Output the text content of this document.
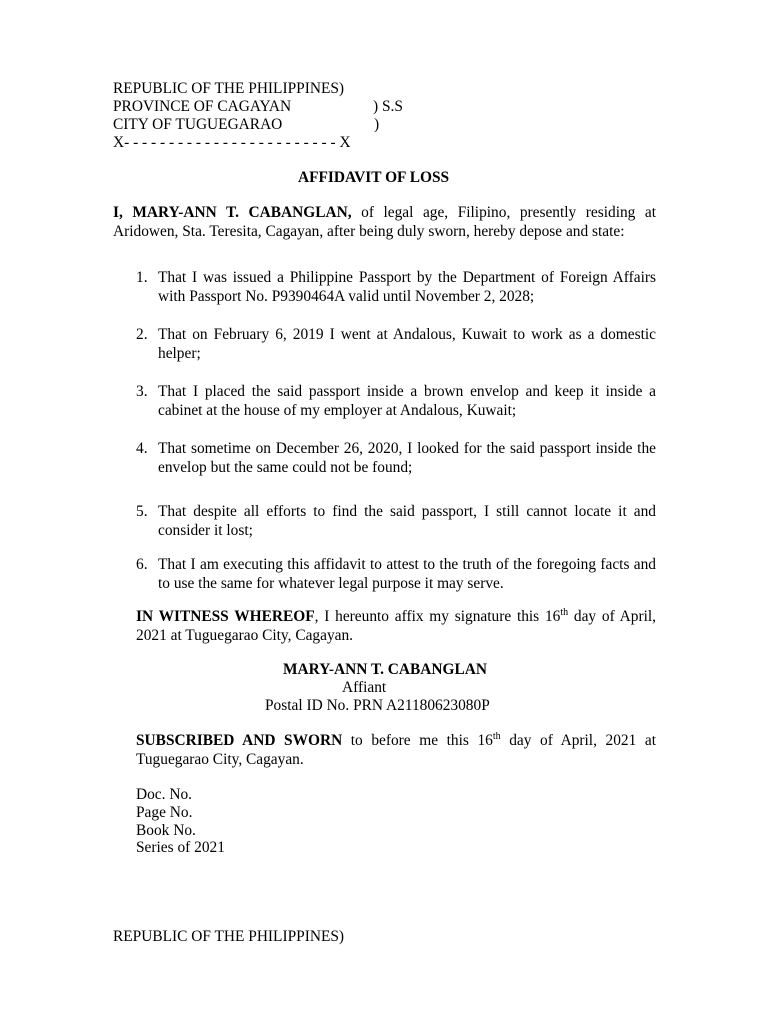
REPUBLIC OF THE PHILIPPINES)
PROVINCE OF CAGAYAN	) S.S
CITY OF TUGUEGARAO	)
X- - - - - - - - - - - - - - - - - - - - - - - - X
AFFIDAVIT OF LOSS
I, MARY-ANN T. CABANGLAN, of legal age, Filipino, presently residing at Aridowen, Sta. Teresita, Cagayan, after being duly sworn, hereby depose and state:
1. That I was issued a Philippine Passport by the Department of Foreign Affairs with Passport No. P9390464A valid until November 2, 2028;
2. That on February 6, 2019 I went at Andalous, Kuwait to work as a domestic helper;
3. That I placed the said passport inside a brown envelop and keep it inside a cabinet at the house of my employer at Andalous, Kuwait;
4. That sometime on December 26, 2020, I looked for the said passport inside the envelop but the same could not be found;
5. That despite all efforts to find the said passport, I still cannot locate it and consider it lost;
6. That I am executing this affidavit to attest to the truth of the foregoing facts and to use the same for whatever legal purpose it may serve.
IN WITNESS WHEREOF, I hereunto affix my signature this 16th day of April, 2021 at Tuguegarao City, Cagayan.
MARY-ANN T. CABANGLAN
Affiant
Postal ID No. PRN A21180623080P
SUBSCRIBED AND SWORN to before me this 16th day of April, 2021 at Tuguegarao City, Cagayan.
Doc. No.
Page No.
Book No.
Series of 2021
REPUBLIC OF THE PHILIPPINES)
